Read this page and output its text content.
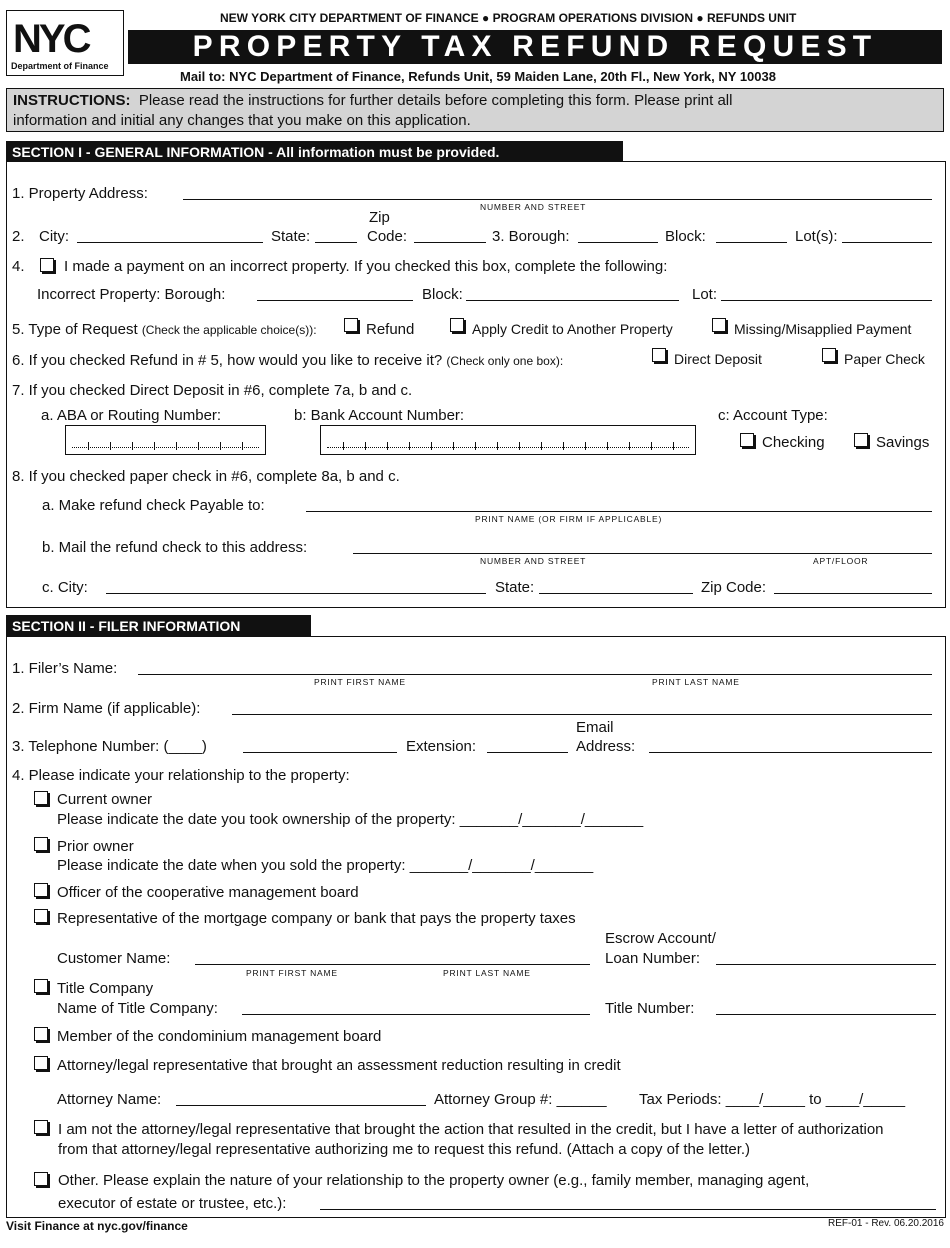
NYC
Department of Finance
NEW YORK CITY DEPARTMENT OF FINANCE ● PROGRAM OPERATIONS DIVISION ● REFUNDS UNIT
PROPERTY TAX REFUND REQUEST
Mail to: NYC Department of Finance, Refunds Unit, 59 Maiden Lane, 20th Fl., New York, NY 10038
INSTRUCTIONS: Please read the instructions for further details before completing this form. Please print all
information and initial any changes that you make on this application.
SECTION I - GENERAL INFORMATION - All information must be provided.
1. Property Address:
NUMBER AND STREET
2. City:	State:
Zip
Code:	3. Borough:	Block:	Lot(s):
4.	I made a payment on an incorrect property. If you checked this box, complete the following:
Incorrect Property: Borough:	Block:	Lot:
5. Type of Request (Check the applicable choice(s)):	Refund	Apply Credit to Another Property	Missing/Misapplied Payment
6. If you checked Refund in # 5, how would you like to receive it? (Check only one box):	Direct Deposit	Paper Check
7. If you checked Direct Deposit in #6, complete 7a, b and c.
a. ABA or Routing Number:	b: Bank Account Number:	c: Account Type:
Checking	Savings
8. If you checked paper check in #6, complete 8a, b and c.
a. Make refund check Payable to:
PRINT NAME (OR FIRM IF APPLICABLE)
b. Mail the refund check to this address:
NUMBER AND STREET	APT/FLOOR
c. City:	State:	Zip Code:
SECTION II - FILER INFORMATION
1. Filer’s Name:
PRINT FIRST NAME	PRINT LAST NAME
2. Firm Name (if applicable):
3. Telephone Number: (____)	Extension:
Email
Address:
4. Please indicate your relationship to the property:
Current owner
Please indicate the date you took ownership of the property: _______/_______/_______
Prior owner
Please indicate the date when you sold the property: _______/_______/_______
Officer of the cooperative management board
Representative of the mortgage company or bank that pays the property taxes
Customer Name:
PRINT FIRST NAME	PRINT LAST NAME
Escrow Account/
Loan Number:
Title Company
Name of Title Company:	Title Number:
Member of the condominium management board
Attorney/legal representative that brought an assessment reduction resulting in credit
Attorney Name:	Attorney Group #: ______ Tax Periods: ____/_____ to ____/_____
I am not the attorney/legal representative that brought the action that resulted in the credit, but I have a letter of authorization
from that attorney/legal representative authorizing me to request this refund. (Attach a copy of the letter.)
Other. Please explain the nature of your relationship to the property owner (e.g., family member, managing agent,
executor of estate or trustee, etc.):
Visit Finance at nyc.gov/finance	REF-01 - Rev. 06.20.2016
